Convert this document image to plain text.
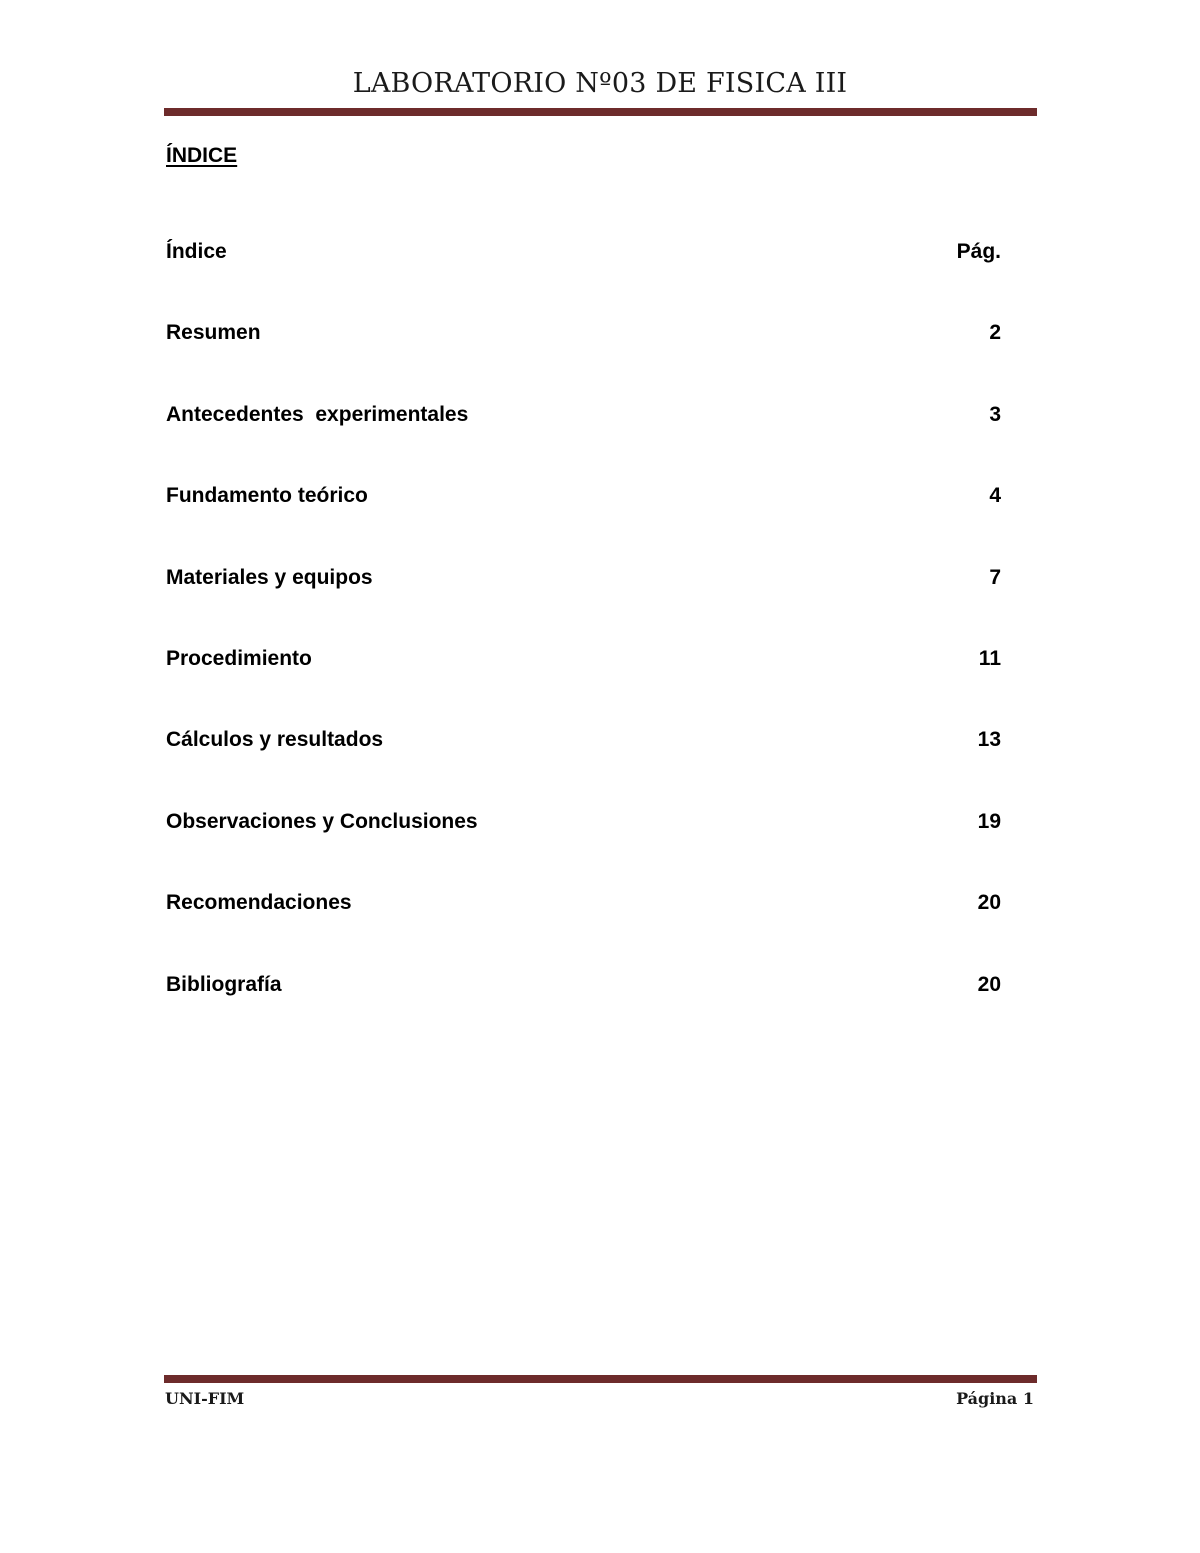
LABORATORIO Nº03 DE FISICA III
ÍNDICE
Índice	Pág.
Resumen	2
Antecedentes  experimentales	3
Fundamento teórico	4
Materiales y equipos	7
Procedimiento	11
Cálculos y resultados	13
Observaciones y Conclusiones	19
Recomendaciones	20
Bibliografía	20
UNI-FIM	Página 1
